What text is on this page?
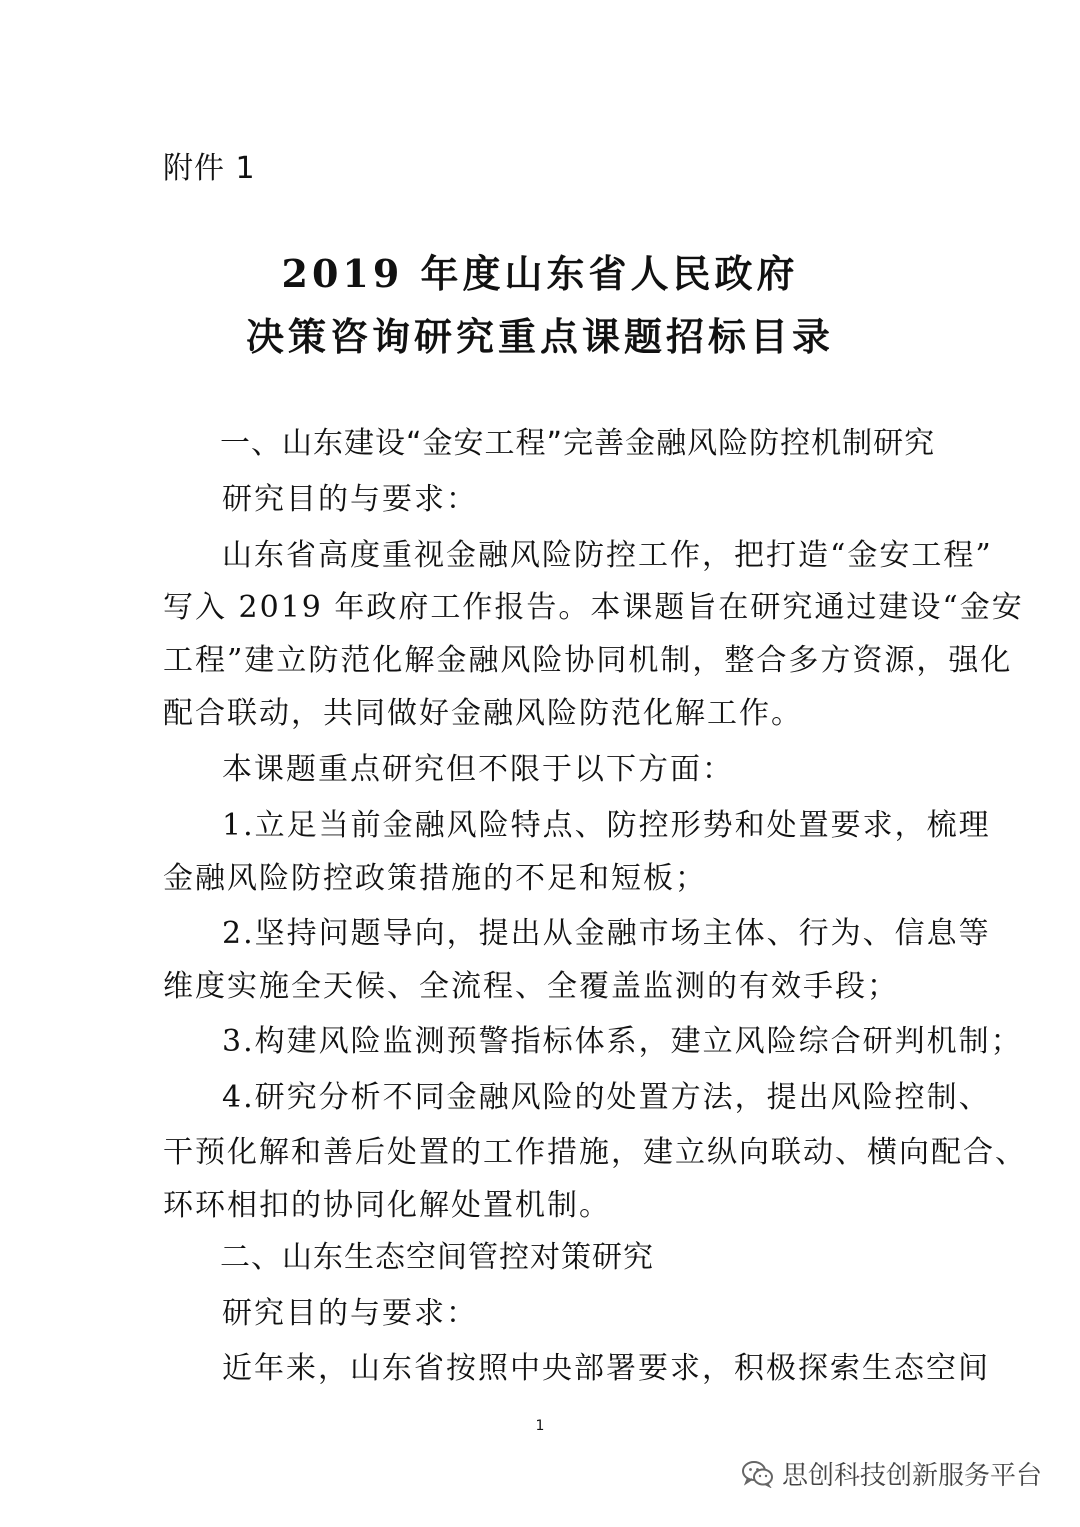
附件 1
2019 年度山东省人民政府
决策咨询研究重点课题招标目录
一、山东建设“金安工程”完善金融风险防控机制研究
研究目的与要求：
山东省高度重视金融风险防控工作，把打造“金安工程”
写入 2019 年政府工作报告。本课题旨在研究通过建设“金安
工程”建立防范化解金融风险协同机制，整合多方资源，强化
配合联动，共同做好金融风险防范化解工作。
本课题重点研究但不限于以下方面：
1.立足当前金融风险特点、防控形势和处置要求，梳理
金融风险防控政策措施的不足和短板；
2.坚持问题导向，提出从金融市场主体、行为、信息等
维度实施全天候、全流程、全覆盖监测的有效手段；
3.构建风险监测预警指标体系，建立风险综合研判机制；
4.研究分析不同金融风险的处置方法，提出风险控制、
干预化解和善后处置的工作措施，建立纵向联动、横向配合、
环环相扣的协同化解处置机制。
二、山东生态空间管控对策研究
研究目的与要求：
近年来，山东省按照中央部署要求，积极探索生态空间
1
思创科技创新服务平台
